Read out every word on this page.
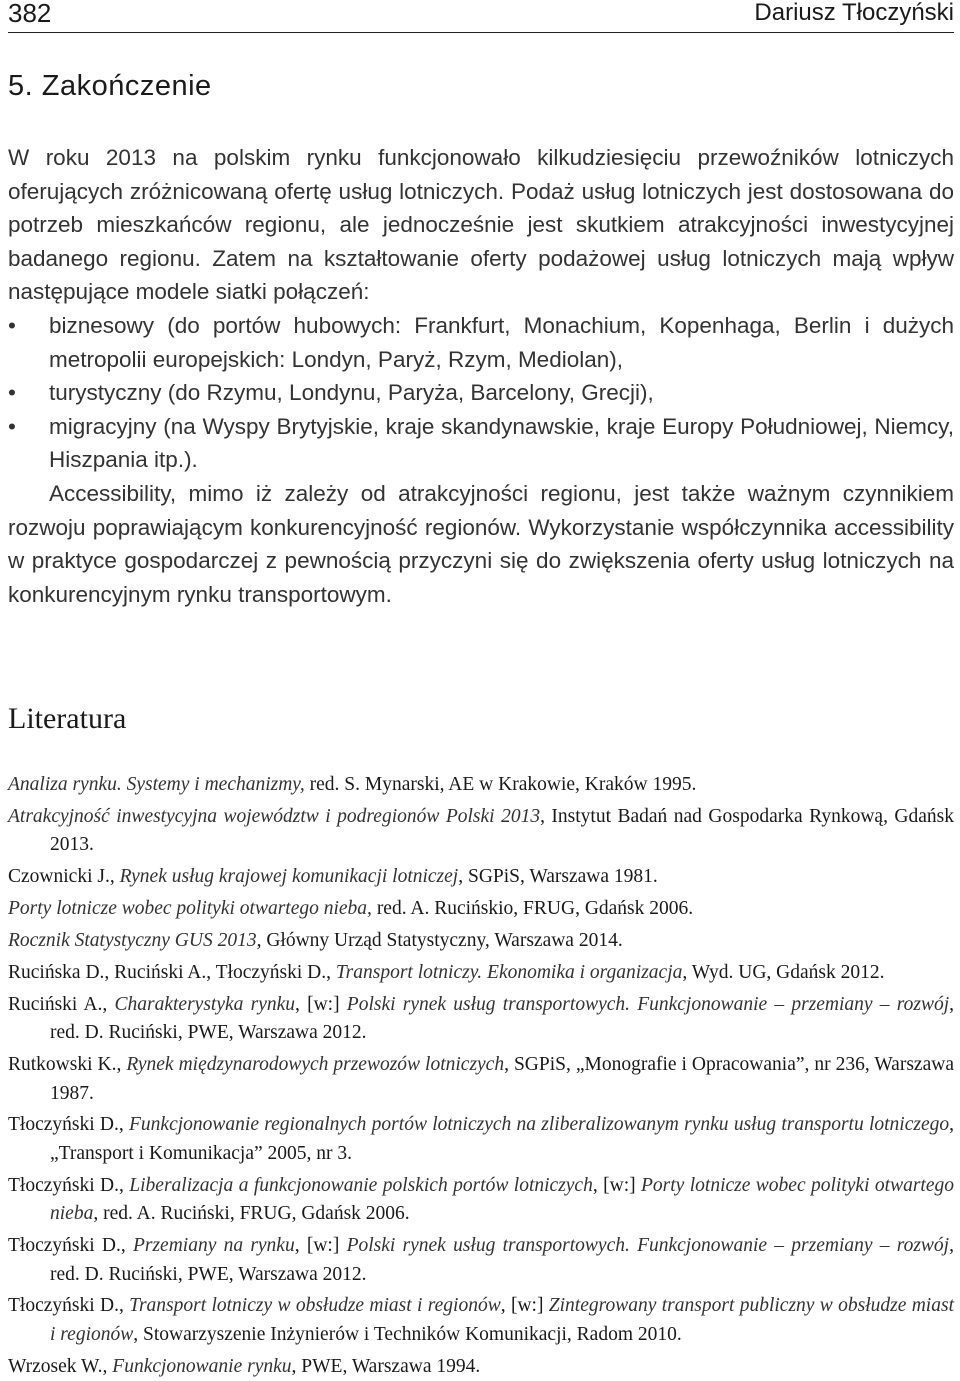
382	Dariusz Tłoczyński
5. Zakończenie

W roku 2013 na polskim rynku funkcjonowało kilkudziesięciu przewoźników lotniczych oferujących zróżnicowaną ofertę usług lotniczych. Podaż usług lotniczych jest dostosowana do potrzeb mieszkańców regionu, ale jednocześnie jest skutkiem atrakcyjności inwestycyjnej badanego regionu. Zatem na kształtowanie oferty podażowej usług lotniczych mają wpływ następujące modele siatki połączeń:

• biznesowy (do portów hubowych: Frankfurt, Monachium, Kopenhaga, Berlin i dużych metropolii europejskich: Londyn, Paryż, Rzym, Mediolan),
• turystyczny (do Rzymu, Londynu, Paryża, Barcelony, Grecji),
• migracyjny (na Wyspy Brytyjskie, kraje skandynawskie, kraje Europy Południowej, Niemcy, Hiszpania itp.).

Accessibility, mimo iż zależy od atrakcyjności regionu, jest także ważnym czynnikiem rozwoju poprawiającym konkurencyjność regionów. Wykorzystanie współczynnika accessibility w praktyce gospodarczej z pewnością przyczyni się do zwiększenia oferty usług lotniczych na konkurencyjnym rynku transportowym.

Literatura

Analiza rynku. Systemy i mechanizmy, red. S. Mynarski, AE w Krakowie, Kraków 1995.

Atrakcyjność inwestycyjna województw i podregionów Polski 2013, Instytut Badań nad Gospodarka Rynkową, Gdańsk 2013.

Czownicki J., Rynek usług krajowej komunikacji lotniczej, SGPiS, Warszawa 1981.

Porty lotnicze wobec polityki otwartego nieba, red. A. Rucińskio, FRUG, Gdańsk 2006.

Rocznik Statystyczny GUS 2013, Główny Urząd Statystyczny, Warszawa 2014.

Rucińska D., Ruciński A., Tłoczyński D., Transport lotniczy. Ekonomika i organizacja, Wyd. UG, Gdańsk 2012.

Ruciński A., Charakterystyka rynku, [w:] Polski rynek usług transportowych. Funkcjonowanie – przemiany – rozwój, red. D. Ruciński, PWE, Warszawa 2012.

Rutkowski K., Rynek międzynarodowych przewozów lotniczych, SGPiS, „Monografie i Opracowania”, nr 236, Warszawa 1987.

Tłoczyński D., Funkcjonowanie regionalnych portów lotniczych na zliberalizowanym rynku usług transportu lotniczego, „Transport i Komunikacja” 2005, nr 3.

Tłoczyński D., Liberalizacja a funkcjonowanie polskich portów lotniczych, [w:] Porty lotnicze wobec polityki otwartego nieba, red. A. Ruciński, FRUG, Gdańsk 2006.

Tłoczyński D., Przemiany na rynku, [w:] Polski rynek usług transportowych. Funkcjonowanie – przemiany – rozwój, red. D. Ruciński, PWE, Warszawa 2012.

Tłoczyński D., Transport lotniczy w obsłudze miast i regionów, [w:] Zintegrowany transport publiczny w obsłudze miast i regionów, Stowarzyszenie Inżynierów i Techników Komunikacji, Radom 2010.

Wrzosek W., Funkcjonowanie rynku, PWE, Warszawa 1994.
